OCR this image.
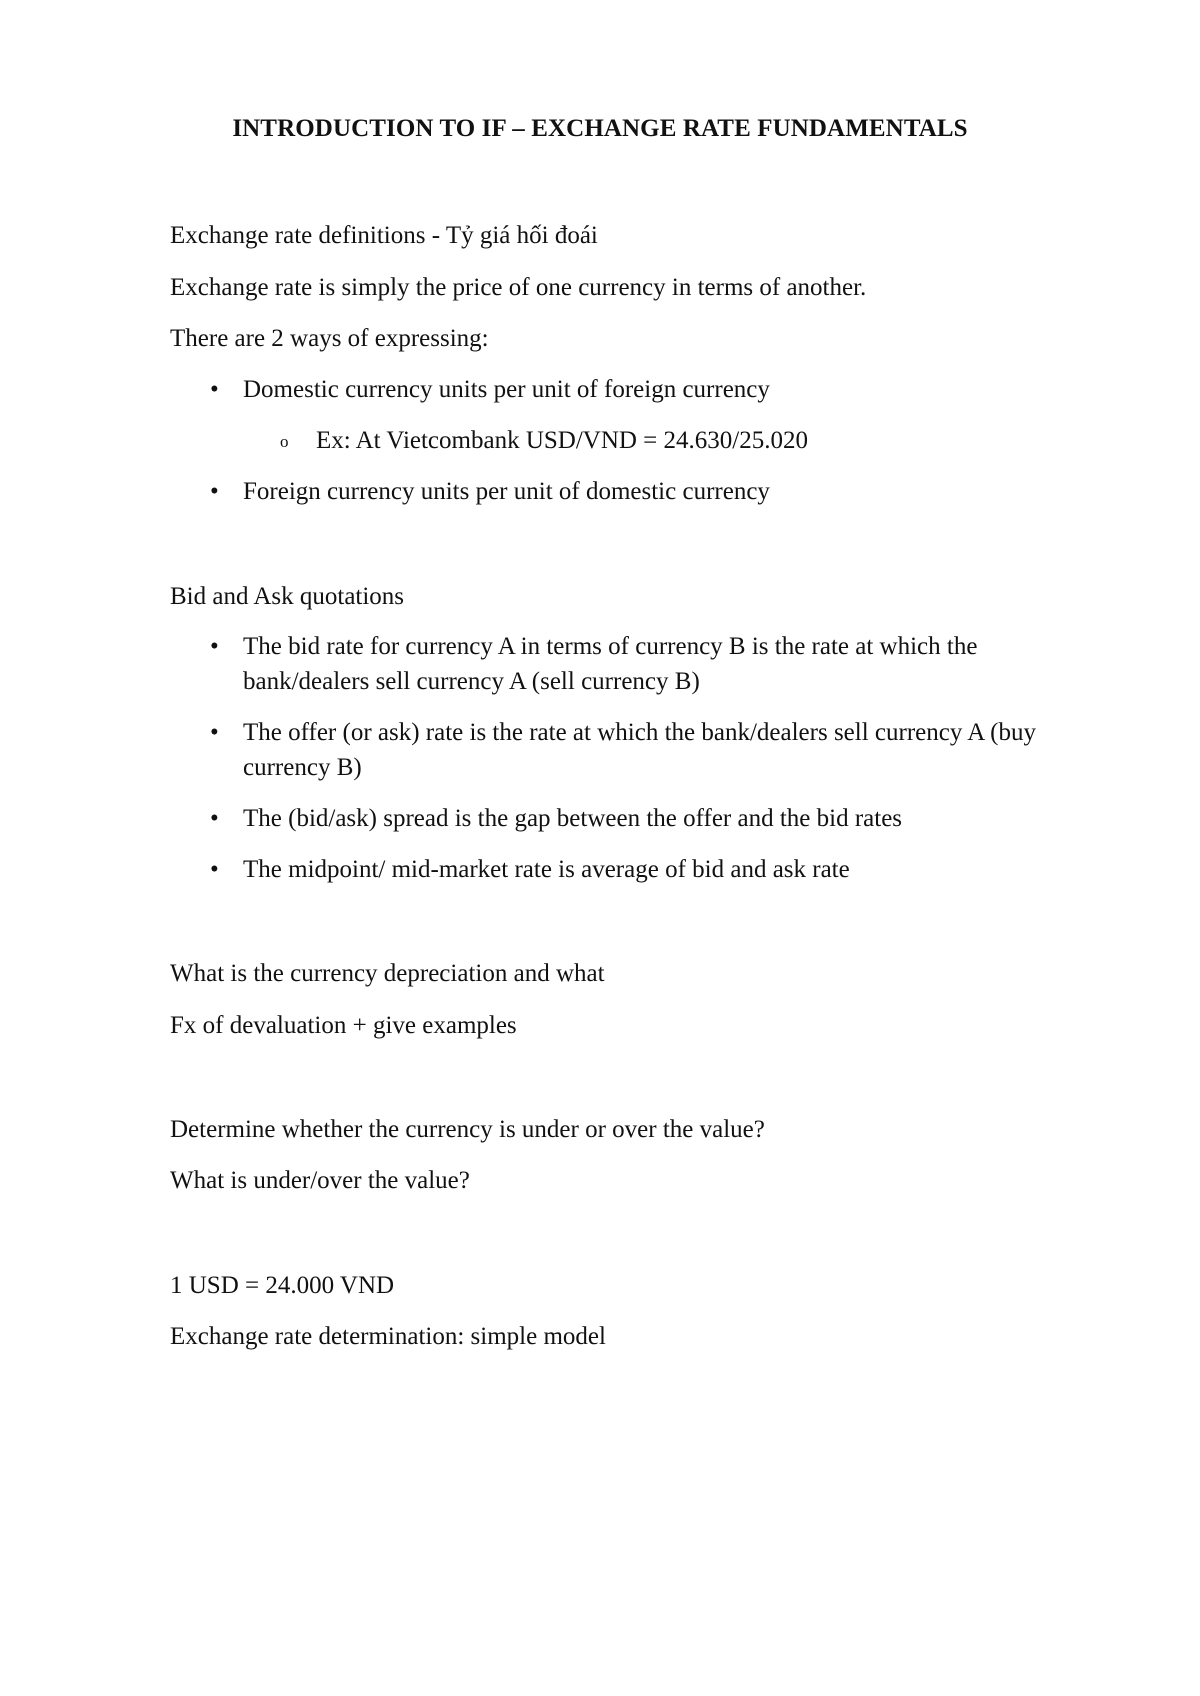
INTRODUCTION TO IF – EXCHANGE RATE FUNDAMENTALS
Exchange rate definitions - Tỷ giá hối đoái
Exchange rate is simply the price of one currency in terms of another.
There are 2 ways of expressing:
• Domestic currency units per unit of foreign currency
o Ex: At Vietcombank USD/VND = 24.630/25.020
• Foreign currency units per unit of domestic currency
Bid and Ask quotations
• The bid rate for currency A in terms of currency B is the rate at which the bank/dealers sell currency A (sell currency B)
• The offer (or ask) rate is the rate at which the bank/dealers sell currency A (buy currency B)
• The (bid/ask) spread is the gap between the offer and the bid rates
• The midpoint/ mid-market rate is average of bid and ask rate
What is the currency depreciation and what
Fx of devaluation + give examples
Determine whether the currency is under or over the value?
What is under/over the value?
1 USD = 24.000 VND
Exchange rate determination: simple model
